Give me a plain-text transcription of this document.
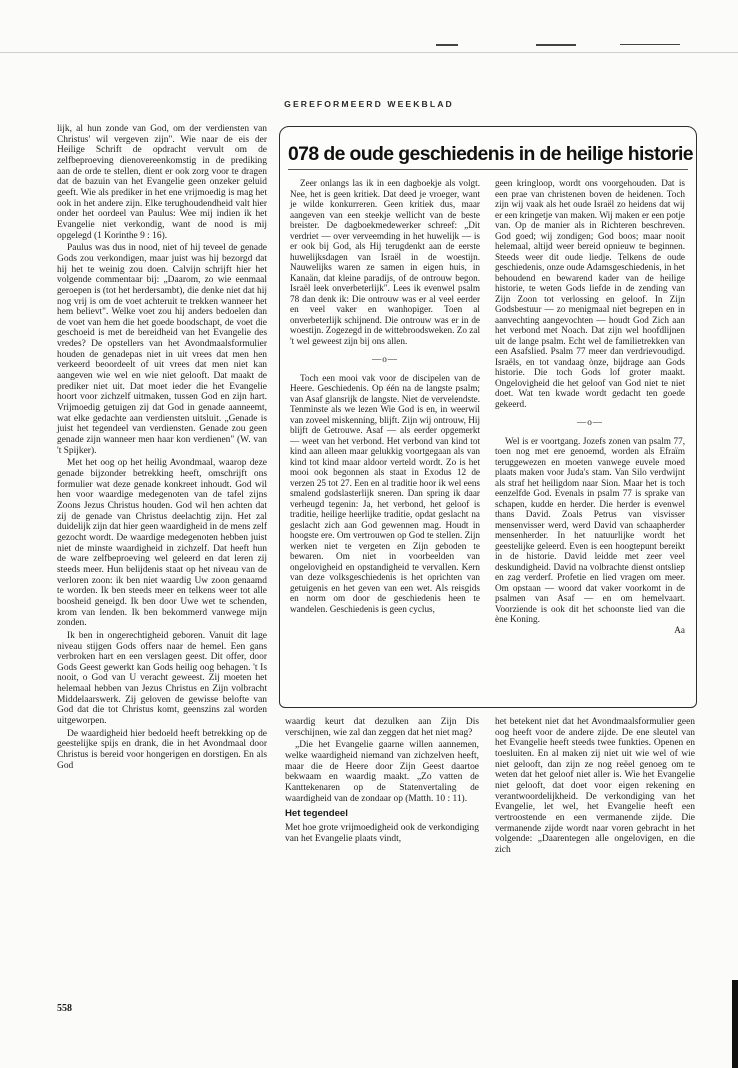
GEREFORMEERD WEEKBLAD

lijk, al hun zonde van God, om der verdiensten van Christus' wil vergeven zijn". Wie naar de eis der Heilige Schrift de opdracht vervult om de zelfbeproeving dienovereenkomstig in de prediking aan de orde te stellen, dient er ook zorg voor te dragen dat de bazuin van het Evangelie geen onzeker geluid geeft. Wie als prediker in het ene vrijmoedig is mag het ook in het andere zijn. Elke terughoudendheid valt hier onder het oordeel van Paulus: Wee mij indien ik het Evangelie niet verkondig, want de nood is mij opgelegd (1 Korinthe 9 : 16).

Paulus was dus in nood, niet of hij teveel de genade Gods zou verkondigen, maar juist was hij bezorgd dat hij het te weinig zou doen. Calvijn schrijft hier het volgende commentaar bij: „Daarom, zo wie eenmaal geroepen is (tot het herdersambt), die denke niet dat hij nog vrij is om de voet achteruit te trekken wanneer het hem believt". Welke voet zou hij anders bedoelen dan de voet van hem die het goede boodschapt, de voet die geschoeid is met de bereidheid van het Evangelie des vredes? De opstellers van het Avondmaalsformulier houden de genadepas niet in uit vrees dat men hen verkeerd beoordeelt of uit vrees dat men niet kan aangeven wie wel en wie niet gelooft. Dat maakt de prediker niet uit. Dat moet ieder die het Evangelie hoort voor zichzelf uitmaken, tussen God en zijn hart. Vrijmoedig getuigen zij dat God in genade aanneemt, wat elke gedachte aan verdiensten uitsluit. „Genade is juist het tegendeel van verdiensten. Genade zou geen genade zijn wanneer men haar kon verdienen" (W. van 't Spijker).

Met het oog op het heilig Avondmaal, waarop deze genade bijzonder betrekking heeft, omschrijft ons formulier wat deze genade konkreet inhoudt. God wil hen voor waardige medegenoten van de tafel zijns Zoons Jezus Christus houden. God wil hen achten dat zij de genade van Christus deelachtig zijn. Het zal duidelijk zijn dat hier geen waardigheid in de mens zelf gezocht wordt. De waardige medegenoten hebben juist niet de minste waardigheid in zichzelf. Dat heeft hun de ware zelfbeproeving wel geleerd en dat leren zij steeds meer. Hun belijdenis staat op het niveau van de verloren zoon: ik ben niet waardig Uw zoon genaamd te worden. Ik ben steeds meer en telkens weer tot alle boosheid geneigd. Ik ben door Uwe wet te schenden, krom van lenden. Ik ben bekommerd vanwege mijn zonden.

Ik ben in ongerechtigheid geboren. Vanuit dit lage niveau stijgen Gods offers naar de hemel. Een gans verbroken hart en een verslagen geest. Dit offer, door Gods Geest gewerkt kan Gods heilig oog behagen. 't Is nooit, o God van U veracht geweest. Zij moeten het helemaal hebben van Jezus Christus en Zijn volbracht Middelaarswerk. Zij geloven de gewisse belofte van God dat die tot Christus komt, geenszins zal worden uitgeworpen.

De waardigheid hier bedoeld heeft betrekking op de geestelijke spijs en drank, die in het Avondmaal door Christus is bereid voor hongerigen en dorstigen. En als God

078 de oude geschiedenis in de heilige historie

Zeer onlangs las ik in een dagboekje als volgt. Nee, het is geen kritiek. Dat deed je vroeger, want je wilde konkurreren. Geen kritiek dus, maar aangeven van een steekje wellicht van de beste breister. De dagboekmedewerker schreef: „Dit verdriet — over verveemding in het huwelijk — is er ook bij God, als Hij terugdenkt aan de eerste huwelijksdagen van Israël in de woestijn. Nauwelijks waren ze samen in eigen huis, in Kanaän, dat kleine paradijs, of de ontrouw begon. Israël leek onverbeterlijk". Lees ik evenwel psalm 78 dan denk ik: Die ontrouw was er al veel eerder en veel vaker en wanhopiger. Toen al onverbeterlijk schijnend. Die ontrouw was er in de woestijn. Zogezegd in de wittebroodsweken. Zo zal 't wel geweest zijn bij ons allen.

—o—

Toch een mooi vak voor de discipelen van de Heere. Geschiedenis. Op één na de langste psalm; van Asaf glansrijk de langste. Niet de vervelendste. Tenminste als we lezen Wie God is en, in weerwil van zoveel miskenning, blijft. Zijn wij ontrouw, Hij blijft de Getrouwe. Asaf — als eerder opgemerkt — weet van het verbond. Het verbond van kind tot kind aan alleen maar gelukkig voortgegaan als van kind tot kind maar aldoor verteld wordt. Zo is het mooi ook begonnen als staat in Exodus 12 de verzen 25 tot 27. Een en al traditie hoor ik wel eens smalend godslasterlijk sneren. Dan spring ik daar verheugd tegenin: Ja, het verbond, het geloof is traditie, heilige heerlijke traditie, opdat geslacht na geslacht zich aan God gewennen mag. Houdt in hoogste ere. Om vertrouwen op God te stellen. Zijn werken niet te vergeten en Zijn geboden te bewaren. Om niet in voorbeelden van ongelovigheid en opstandigheid te vervallen. Kern van deze volksgeschiedenis is het oprichten van getuigenis en het geven van een wet. Als reisgids en norm om door de geschiedenis heen te wandelen. Geschiedenis is geen cyclus,

geen kringloop, wordt ons voorgehouden. Dat is een prae van christenen boven de heidenen. Toch zijn wij vaak als het oude Israël zo heidens dat wij er een kringetje van maken. Wij maken er een potje van. Op de manier als in Richteren beschreven. God goed; wij zondigen; God boos; maar nooit helemaal, altijd weer bereid opnieuw te beginnen. Steeds weer dit oude liedje. Telkens de oude geschiedenis, onze oude Adamsgeschiedenis, in het behoudend en bewarend kader van de heilige historie, te weten Gods liefde in de zending van Zijn Zoon tot verlossing en geloof. In Zijn Godsbestuur — zo menigmaal niet begrepen en in aanvechting aangevochten — houdt God Zich aan het verbond met Noach. Dat zijn wel hoofdlijnen uit de lange psalm. Echt wel de familietrekken van een Asafslied. Psalm 77 meer dan verdrievoudigd. Israëls, en tot vandaag ònze, bijdrage aan Gods historie. Die toch Gods lof groter maakt. Ongelovigheid die het geloof van God niet te niet doet. Wat ten kwade wordt gedacht ten goede gekeerd.

—o—

Wel is er voortgang. Jozefs zonen van psalm 77, toen nog met ere genoemd, worden als Efraïm teruggewezen en moeten vanwege euvele moed plaats maken voor Juda's stam. Van Silo verdwijnt als straf het heiligdom naar Sion. Maar het is toch eenzelfde God. Evenals in psalm 77 is sprake van schapen, kudde en herder. Die herder is evenwel thans David. Zoals Petrus van visvisser mensenvisser werd, werd David van schaapherder mensenherder. In het natuurlijke wordt het geestelijke geleerd. Even is een hoogtepunt bereikt in de historie. David leidde met zeer veel deskundigheid. David na volbrachte dienst ontsliep en zag verderf. Profetie en lied vragen om meer. Om opstaan — woord dat vaker voorkomt in de psalmen van Asaf — en om hemelvaart. Voorziende is ook dit het schoonste lied van die ène Koning.

Aa

waardig keurt dat dezulken aan Zijn Dis verschijnen, wie zal dan zeggen dat het niet mag?

„Die het Evangelie gaarne willen aannemen, welke waardigheid niemand van zichzelven heeft, maar die de Heere door Zijn Geest daartoe bekwaam en waardig maakt. „Zo vatten de Kanttekenaren op de Statenvertaling de waardigheid van de zondaar op (Matth. 10 : 11).

Het tegendeel

Met hoe grote vrijmoedigheid ook de verkondiging van het Evangelie plaats vindt,

het betekent niet dat het Avondmaalsformulier geen oog heeft voor de andere zijde. De ene sleutel van het Evangelie heeft steeds twee funkties. Openen en toesluiten. En al maken zij niet uit wie wel of wie niet gelooft, dan zijn ze nog reëel genoeg om te weten dat het geloof niet aller is. Wie het Evangelie niet gelooft, dat doet voor eigen rekening en verantwoordelijkheid. De verkondiging van het Evangelie, let wel, het Evangelie heeft een vertroostende en een vermanende zijde. Die vermanende zijde wordt naar voren gebracht in het volgende: „Daarentegen alle ongelovigen, en die zich

558
